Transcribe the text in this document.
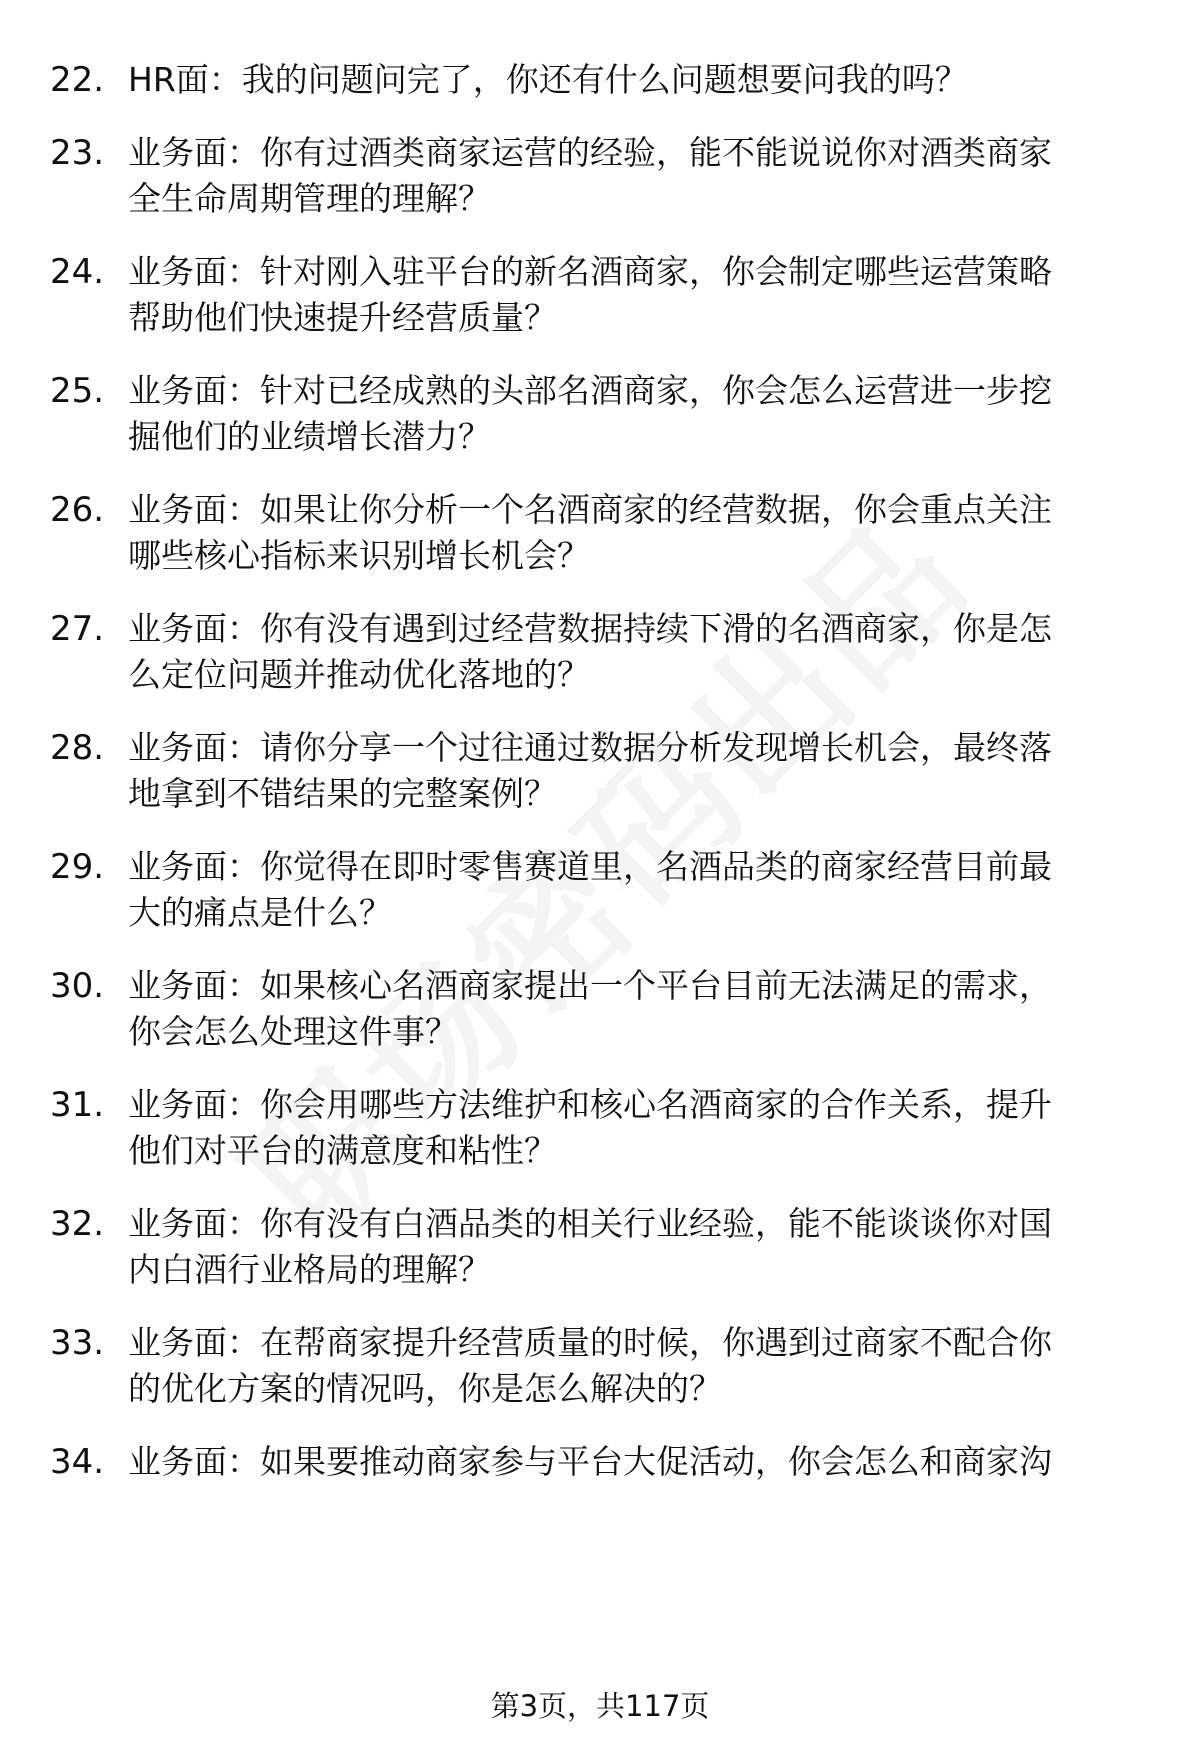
22. HR面：我的问题问完了，你还有什么问题想要问我的吗？
23. 业务面：你有过酒类商家运营的经验，能不能说说你对酒类商家
全生命周期管理的理解？
24. 业务面：针对刚入驻平台的新名酒商家，你会制定哪些运营策略
帮助他们快速提升经营质量？
25. 业务面：针对已经成熟的头部名酒商家，你会怎么运营进一步挖
掘他们的业绩增长潜力？
26. 业务面：如果让你分析一个名酒商家的经营数据，你会重点关注
哪些核心指标来识别增长机会？
27. 业务面：你有没有遇到过经营数据持续下滑的名酒商家，你是怎
么定位问题并推动优化落地的？
28. 业务面：请你分享一个过往通过数据分析发现增长机会，最终落
地拿到不错结果的完整案例？
29. 业务面：你觉得在即时零售赛道里，名酒品类的商家经营目前最
大的痛点是什么？
30. 业务面：如果核心名酒商家提出一个平台目前无法满足的需求，
你会怎么处理这件事？
31. 业务面：你会用哪些方法维护和核心名酒商家的合作关系，提升
他们对平台的满意度和粘性？
32. 业务面：你有没有白酒品类的相关行业经验，能不能谈谈你对国
内白酒行业格局的理解？
33. 业务面：在帮商家提升经营质量的时候，你遇到过商家不配合你
的优化方案的情况吗，你是怎么解决的？
34. 业务面：如果要推动商家参与平台大促活动，你会怎么和商家沟
第3页，共117页
